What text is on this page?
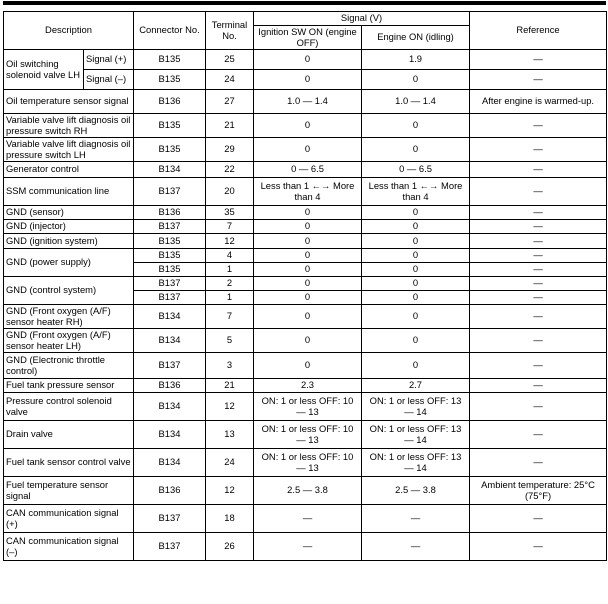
Description		Connector No.	Terminal No.	Signal (V)		Reference
				Ignition SW ON (engine OFF)	Engine ON (idling)	
Oil switching solenoid valve LH	Signal (+)	B135	25	0	1.9	—
	Signal (–)	B135	24	0	0	—
Oil temperature sensor signal		B136	27	1.0 — 1.4	1.0 — 1.4	After engine is warmed-up.
Variable valve lift diagnosis oil pressure switch RH		B135	21	0	0	—
Variable valve lift diagnosis oil pressure switch LH		B135	29	0	0	—
Generator control		B134	22	0 — 6.5	0 — 6.5	—
SSM communication line		B137	20	Less than 1 ←→ More than 4	Less than 1 ←→ More than 4	—
GND (sensor)		B136	35	0	0	—
GND (injector)		B137	7	0	0	—
GND (ignition system)		B135	12	0	0	—
GND (power supply)		B135	4	0	0	—
		B135	1	0	0	—
GND (control system)		B137	2	0	0	—
		B137	1	0	0	—
GND (Front oxygen (A/F) sensor heater RH)		B134	7	0	0	—
GND (Front oxygen (A/F) sensor heater LH)		B134	5	0	0	—
GND (Electronic throttle control)		B137	3	0	0	—
Fuel tank pressure sensor		B136	21	2.3	2.7	—
Pressure control solenoid valve		B134	12	ON: 1 or less OFF: 10 — 13	ON: 1 or less OFF: 13 — 14	—
Drain valve		B134	13	ON: 1 or less OFF: 10 — 13	ON: 1 or less OFF: 13 — 14	—
Fuel tank sensor control valve		B134	24	ON: 1 or less OFF: 10 — 13	ON: 1 or less OFF: 13 — 14	—
Fuel temperature sensor signal		B136	12	2.5 — 3.8	2.5 — 3.8	Ambient temperature: 25°C (75°F)
CAN communication signal (+)		B137	18	—	—	—
CAN communication signal (–)		B137	26	—	—	—
